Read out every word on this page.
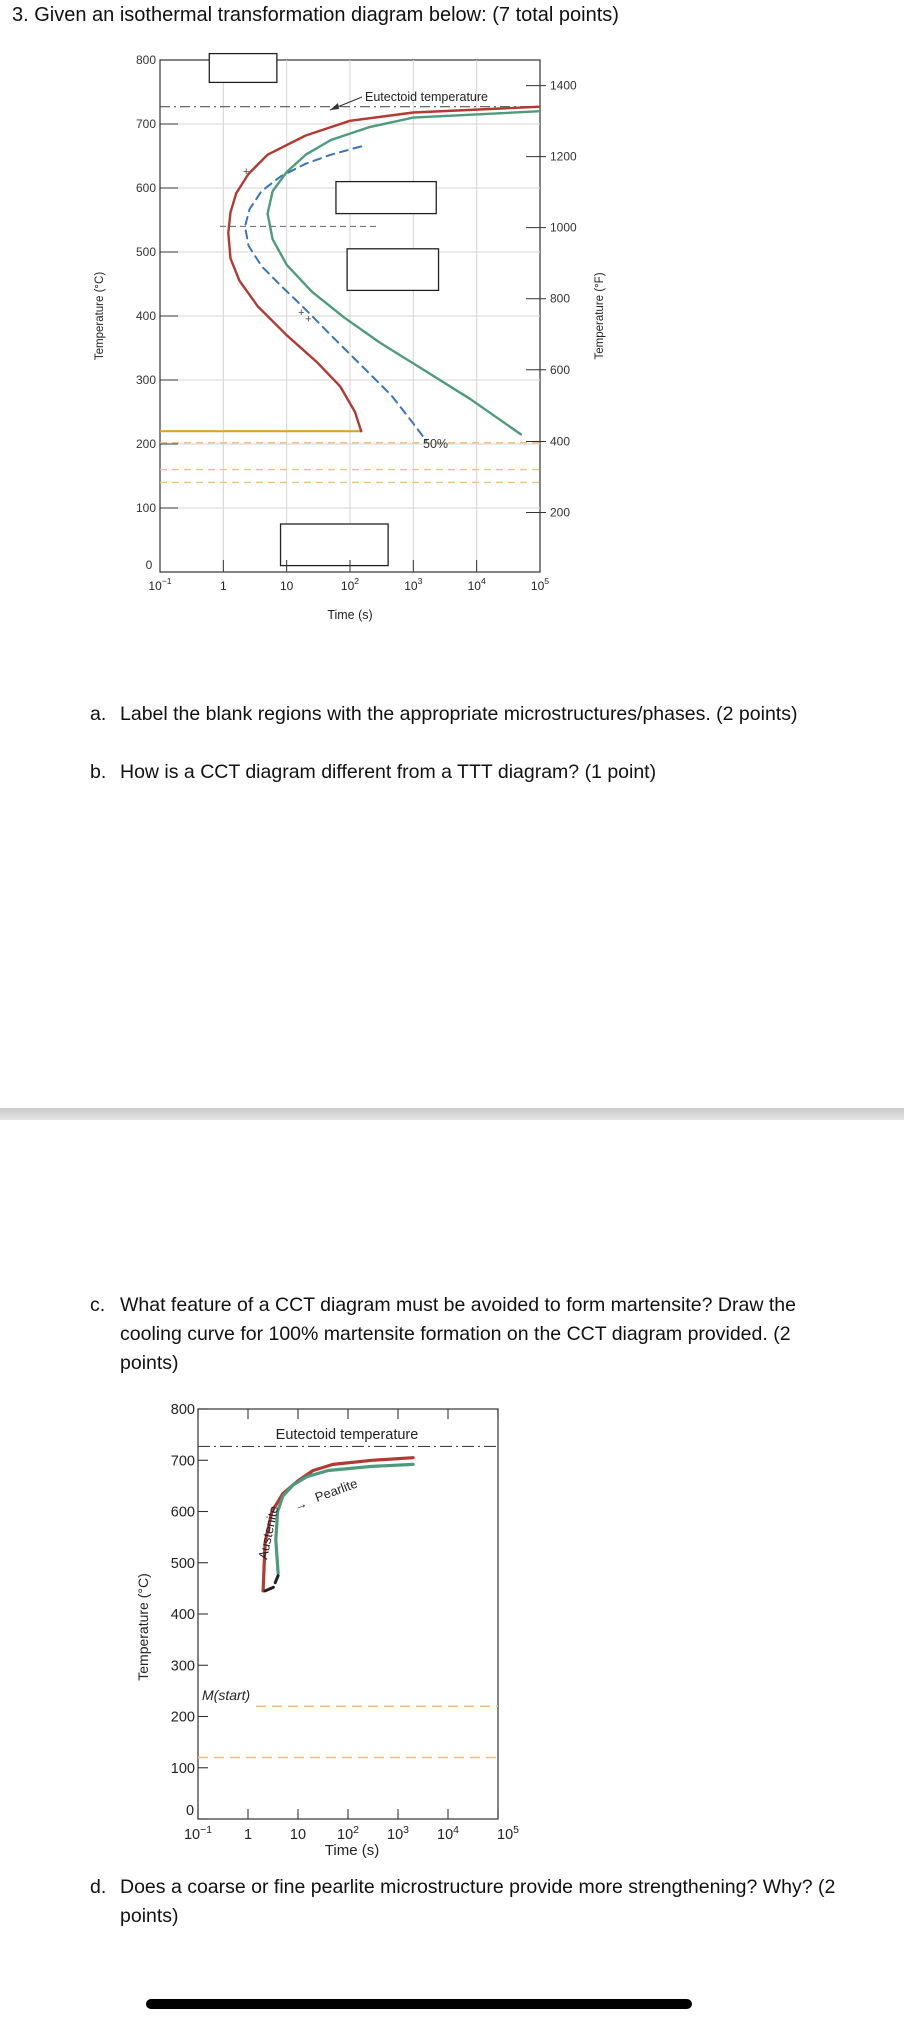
3. Given an isothermal transformation diagram below: (7 total points)
+
+
+
0
100
200
300
400
500
600
700
800
1400
1200
1000
800
600
400
200
$10^{-1}$	1	10	$10^2$	$10^3$	$10^4$	$10^5$
Eutectoid temperature
50%
Time (s)
Temperature (°C)	Temperature (°F)
a. Label the blank regions with the appropriate microstructures/phases. (2 points)
b. How is a CCT diagram different from a TTT diagram? (1 point)
c. What feature of a CCT diagram must be avoided to form martensite? Draw the
cooling curve for 100% martensite formation on the CCT diagram provided. (2
points)
0
100
200
300
400
500
600
700
800
$10^{-1}$ 1	10 $10^2$ $10^3$ $10^4$	$10^5$
Eutectoid temperature
Pearlite
Austenite →
M(start)
Time (s)
Temperature (°C)
d. Does a coarse or fine pearlite microstructure provide more strengthening? Why? (2
points)
